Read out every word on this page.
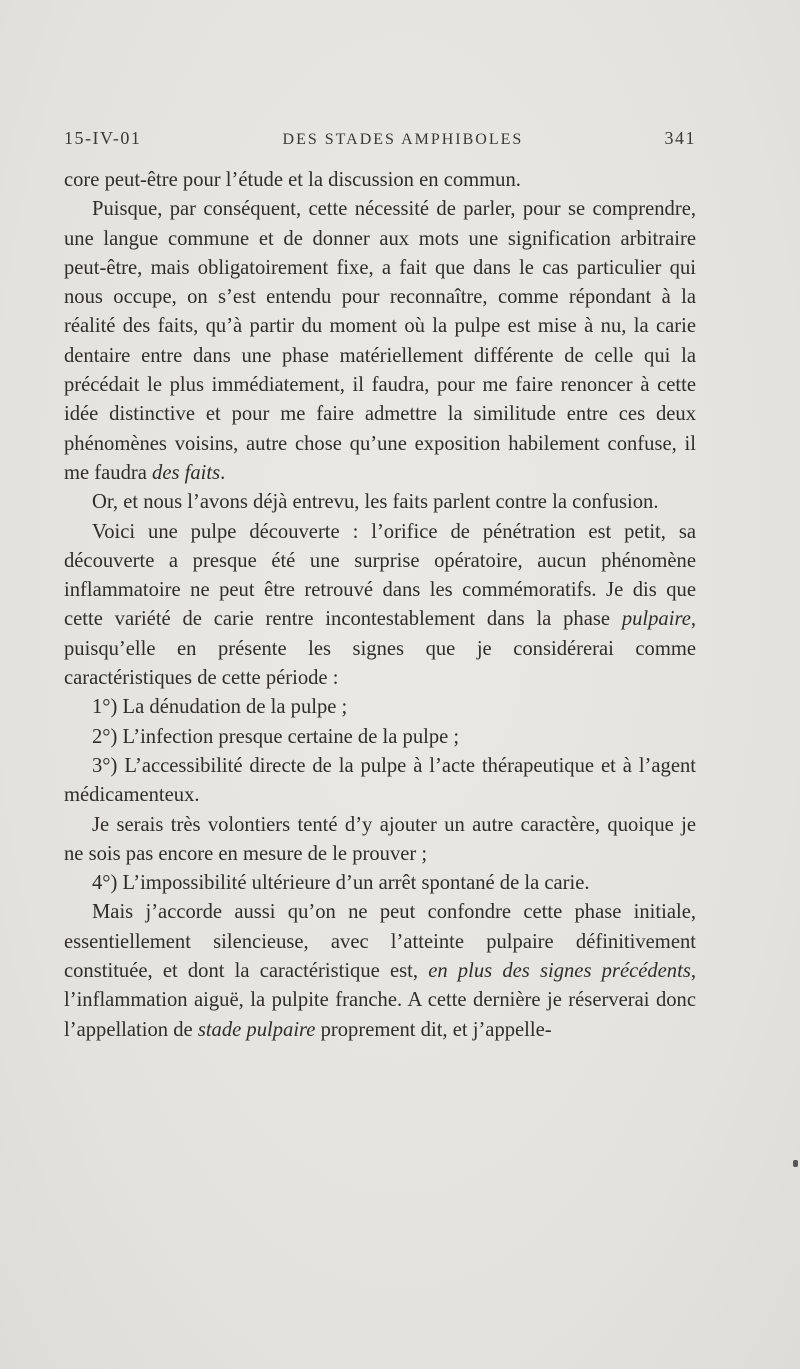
15-IV-01	DES STADES AMPHIBOLES	341

core peut-être pour l’étude et la discussion en commun.

Puisque, par conséquent, cette nécessité de parler, pour se comprendre, une langue commune et de donner aux mots une signification arbitraire peut-être, mais obligatoirement fixe, a fait que dans le cas particulier qui nous occupe, on s’est entendu pour reconnaître, comme répondant à la réalité des faits, qu’à partir du moment où la pulpe est mise à nu, la carie dentaire entre dans une phase matériellement différente de celle qui la précédait le plus immédiatement, il faudra, pour me faire renoncer à cette idée distinctive et pour me faire admettre la similitude entre ces deux phénomènes voisins, autre chose qu’une exposition habilement confuse, il me faudra des faits.

Or, et nous l’avons déjà entrevu, les faits parlent contre la confusion.

Voici une pulpe découverte : l’orifice de pénétration est petit, sa découverte a presque été une surprise opératoire, aucun phénomène inflammatoire ne peut être retrouvé dans les commémoratifs. Je dis que cette variété de carie rentre incontestablement dans la phase pulpaire, puisqu’elle en présente les signes que je considérerai comme caractéristiques de cette période :

1°) La dénudation de la pulpe ;

2°) L’infection presque certaine de la pulpe ;

3°) L’accessibilité directe de la pulpe à l’acte thérapeutique et à l’agent médicamenteux.

Je serais très volontiers tenté d’y ajouter un autre caractère, quoique je ne sois pas encore en mesure de le prouver ;

4°) L’impossibilité ultérieure d’un arrêt spontané de la carie.

Mais j’accorde aussi qu’on ne peut confondre cette phase initiale, essentiellement silencieuse, avec l’atteinte pulpaire définitivement constituée, et dont la caractéristique est, en plus des signes précédents, l’inflammation aiguë, la pulpite franche. A cette dernière je réserverai donc l’appellation de stade pulpaire proprement dit, et j’appelle-
